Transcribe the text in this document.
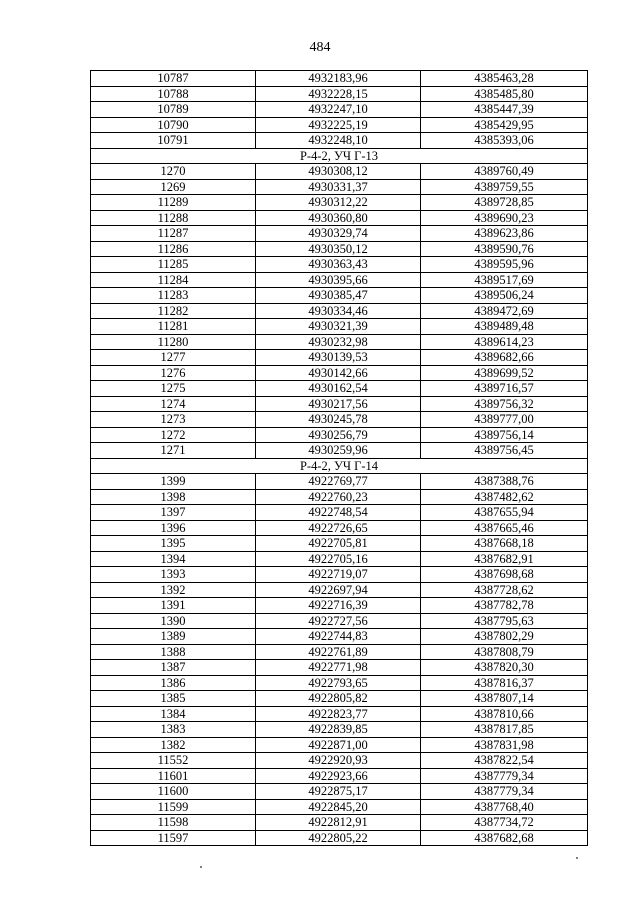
484
10787	4932183,96	4385463,28
10788	4932228,15	4385485,80
10789	4932247,10	4385447,39
10790	4932225,19	4385429,95
10791	4932248,10	4385393,06
Р-4-2, УЧ Г-13		
1270	4930308,12	4389760,49
1269	4930331,37	4389759,55
11289	4930312,22	4389728,85
11288	4930360,80	4389690,23
11287	4930329,74	4389623,86
11286	4930350,12	4389590,76
11285	4930363,43	4389595,96
11284	4930395,66	4389517,69
11283	4930385,47	4389506,24
11282	4930334,46	4389472,69
11281	4930321,39	4389489,48
11280	4930232,98	4389614,23
1277	4930139,53	4389682,66
1276	4930142,66	4389699,52
1275	4930162,54	4389716,57
1274	4930217,56	4389756,32
1273	4930245,78	4389777,00
1272	4930256,79	4389756,14
1271	4930259,96	4389756,45
Р-4-2, УЧ Г-14		
1399	4922769,77	4387388,76
1398	4922760,23	4387482,62
1397	4922748,54	4387655,94
1396	4922726,65	4387665,46
1395	4922705,81	4387668,18
1394	4922705,16	4387682,91
1393	4922719,07	4387698,68
1392	4922697,94	4387728,62
1391	4922716,39	4387782,78
1390	4922727,56	4387795,63
1389	4922744,83	4387802,29
1388	4922761,89	4387808,79
1387	4922771,98	4387820,30
1386	4922793,65	4387816,37
1385	4922805,82	4387807,14
1384	4922823,77	4387810,66
1383	4922839,85	4387817,85
1382	4922871,00	4387831,98
11552	4922920,93	4387822,54
11601	4922923,66	4387779,34
11600	4922875,17	4387779,34
11599	4922845,20	4387768,40
11598	4922812,91	4387734,72
11597	4922805,22	4387682,68
